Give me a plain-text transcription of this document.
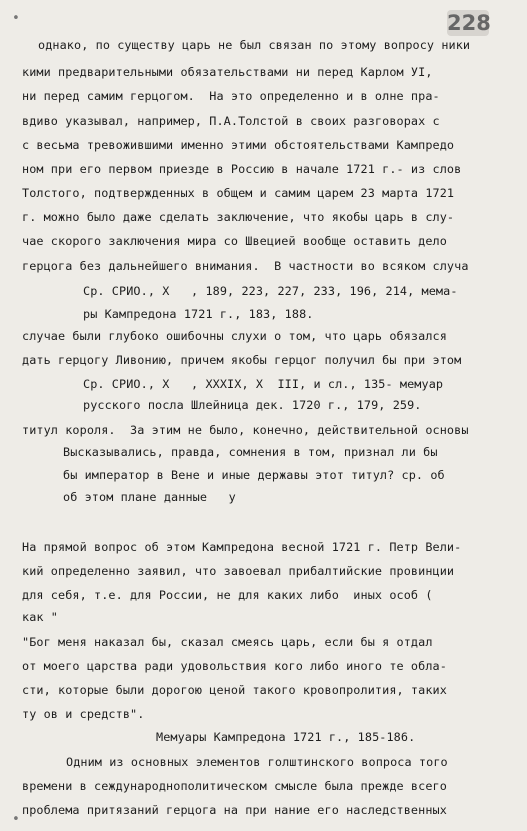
228
однако, по существу царь не был связан по этому вопросу ники
кими предварительными обязательствами ни перед Карлом УI,
ни перед самим герцогом.  На это определенно и в олне пра-
вдиво указывал, например, П.А.Толстой в своих разговорах с
с весьма тревожившими именно этими обстоятельствами Кампредо
ном при его первом приезде в Россию в начале 1721 г.- из слов
Толстого, подтвержденных в общем и самим царем 23 марта 1721
г. можно было даже сделать заключение, что якобы царь в слу-
чае скорого заключения мира со Швецией вообще оставить дело
герцога без дальнейшего внимания.  В частности во всяком случа
Ср. СРИО., Х   , 189, 223, 227, 233, 196, 214, мема-
ры Кампредона 1721 г., 183, 188.
случае были глубоко ошибочны слухи о том, что царь обязался
дать герцогу Ливонию, причем якобы герцог получил бы при этом
Ср. СРИО., Х   , XXXIX, Х  III, и сл., 135- мемуар
русского посла Шлейница дек. 1720 г., 179, 259.
титул короля.  За этим не было, конечно, действительной основы
Высказывались, правда, сомнения в том, признал ли бы
бы император в Вене и иные державы этот титул? ср. об
об этом плане данные   у
На прямой вопрос об этом Кампредона весной 1721 г. Петр Вели-
кий определенно заявил, что завоевал прибалтийские провинции
для себя, т.е. для России, не для каких либо  иных особ (
как "
"Бог меня наказал бы, сказал смеясь царь, если бы я отдал
от моего царства ради удовольствия кого либо иного те обла-
сти, которые были дорогою ценой такого кровопролития, таких
ту ов и средств".
Мемуары Кампредона 1721 г., 185-186.
Одним из основных элементов голштинского вопроса того
времени в сеждународнополитическом смысле была прежде всего
проблема притязаний герцога на при нание его наследственных
•
•
